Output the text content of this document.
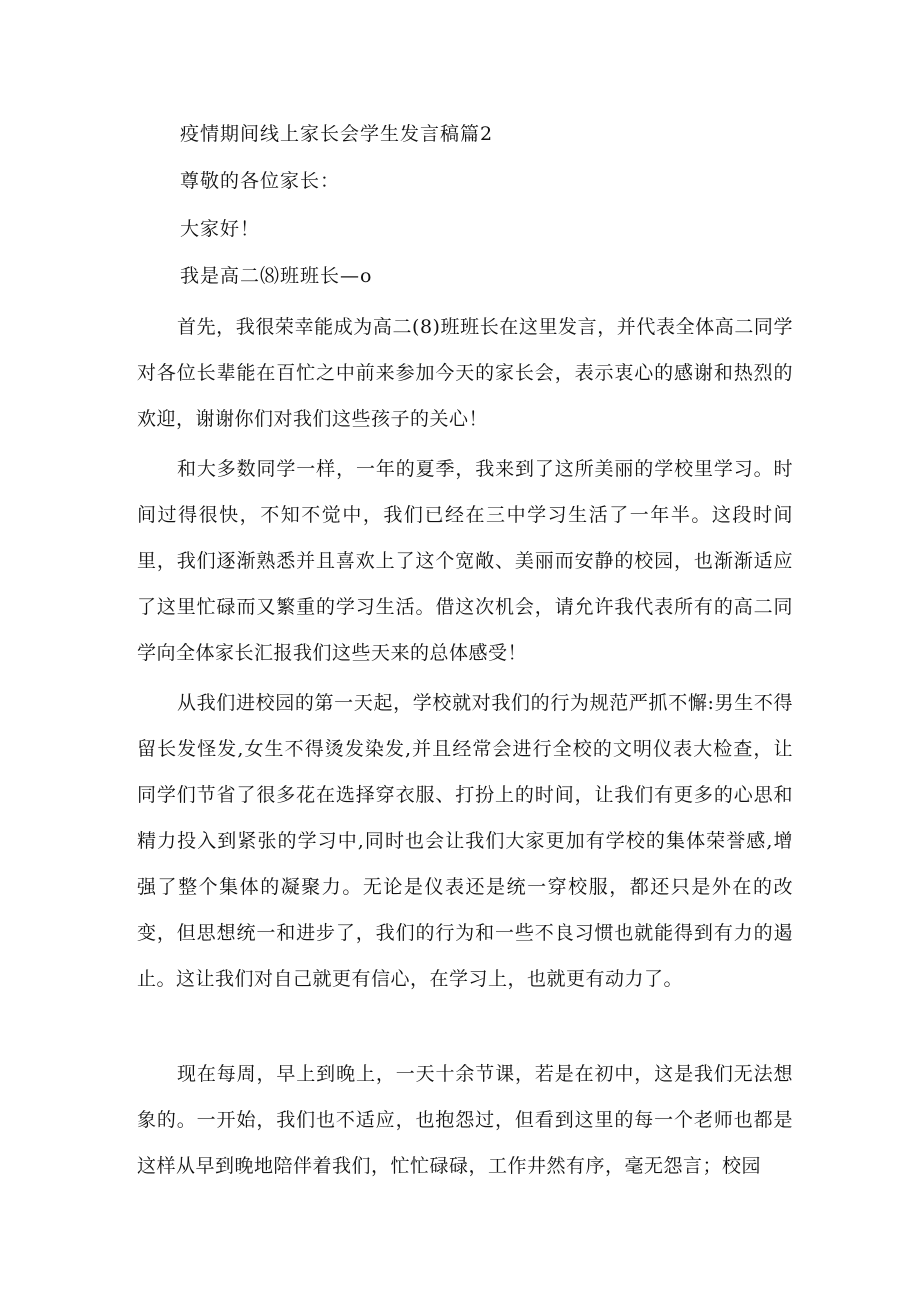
疫情期间线上家长会学生发言稿篇2

尊敬的各位家长：

大家好！

我是高二⑻班班长—o

首先，我很荣幸能成为高二(8)班班长在这里发言，并代表全体高二同学对各位长辈能在百忙之中前来参加今天的家长会，表示衷心的感谢和热烈的欢迎，谢谢你们对我们这些孩子的关心！

和大多数同学一样，一年的夏季，我来到了这所美丽的学校里学习。时间过得很快，不知不觉中，我们已经在三中学习生活了一年半。这段时间里，我们逐渐熟悉并且喜欢上了这个宽敞、美丽而安静的校园，也渐渐适应了这里忙碌而又繁重的学习生活。借这次机会，请允许我代表所有的高二同学向全体家长汇报我们这些天来的总体感受！

从我们进校园的第一天起，学校就对我们的行为规范严抓不懈:男生不得留长发怪发,女生不得烫发染发,并且经常会进行全校的文明仪表大检查，让同学们节省了很多花在选择穿衣服、打扮上的时间，让我们有更多的心思和精力投入到紧张的学习中,同时也会让我们大家更加有学校的集体荣誉感,增强了整个集体的凝聚力。无论是仪表还是统一穿校服，都还只是外在的改变，但思想统一和进步了，我们的行为和一些不良习惯也就能得到有力的遏止。这让我们对自己就更有信心，在学习上，也就更有动力了。

现在每周，早上到晚上，一天十余节课，若是在初中，这是我们无法想象的。一开始，我们也不适应，也抱怨过，但看到这里的每一个老师也都是这样从早到晚地陪伴着我们，忙忙碌碌，工作井然有序，毫无怨言；校园
